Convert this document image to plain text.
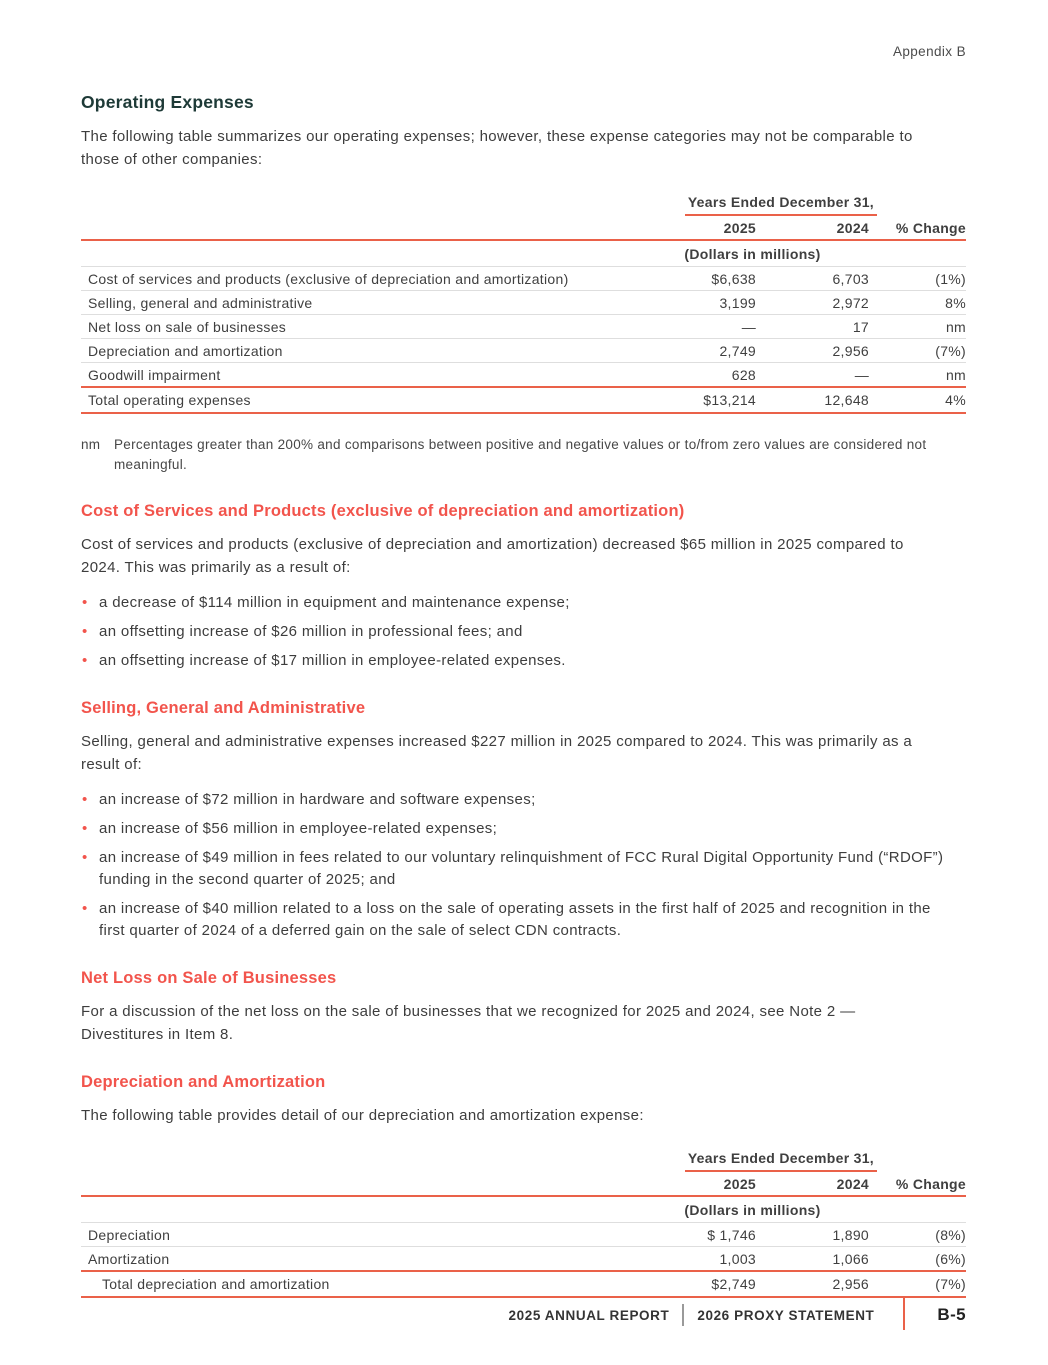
Appendix B
Operating Expenses

The following table summarizes our operating expenses; however, these expense categories may not be comparable to those of other companies:

Years Ended December 31,
2025	2024	% Change
(Dollars in millions)
Cost of services and products (exclusive of depreciation and amortization)	$6,638	6,703	(1%)
Selling, general and administrative	3,199	2,972	8%
Net loss on sale of businesses	—	17	nm
Depreciation and amortization	2,749	2,956	(7%)
Goodwill impairment	628	—	nm
Total operating expenses	$13,214	12,648	4%
nm	Percentages greater than 200% and comparisons between positive and negative values or to/from zero values are considered not meaningful.
Cost of Services and Products (exclusive of depreciation and amortization)

Cost of services and products (exclusive of depreciation and amortization) decreased $65 million in 2025 compared to 2024. This was primarily as a result of:

•
a decrease of $114 million in equipment and maintenance expense;
•
an offsetting increase of $26 million in professional fees; and
•
an offsetting increase of $17 million in employee-related expenses.
Selling, General and Administrative

Selling, general and administrative expenses increased $227 million in 2025 compared to 2024. This was primarily as a result of:

•
an increase of $72 million in hardware and software expenses;
•
an increase of $56 million in employee-related expenses;
•
an increase of $49 million in fees related to our voluntary relinquishment of FCC Rural Digital Opportunity Fund (“RDOF”) funding in the second quarter of 2025; and
•
an increase of $40 million related to a loss on the sale of operating assets in the first half of 2025 and recognition in the first quarter of 2024 of a deferred gain on the sale of select CDN contracts.
Net Loss on Sale of Businesses

For a discussion of the net loss on the sale of businesses that we recognized for 2025 and 2024, see Note 2 — Divestitures in Item 8.

Depreciation and Amortization

The following table provides detail of our depreciation and amortization expense:

Years Ended December 31,
2025	2024	% Change
(Dollars in millions)
Depreciation	$ 1,746	1,890	(8%)
Amortization	1,003	1,066	(6%)
Total depreciation and amortization	$2,749	2,956	(7%)
2025 ANNUAL REPORT 2026 PROXY STATEMENT	B-5
